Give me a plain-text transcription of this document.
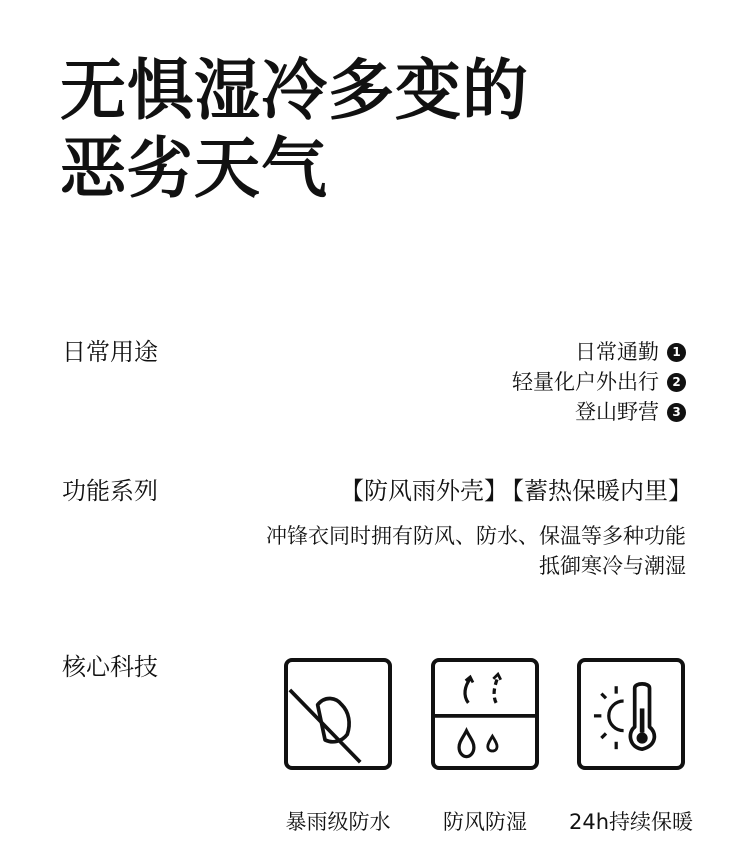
无惧湿冷多变的
恶劣天气
日常用途	日常通勤	1
轻量化户外出行	2
登山野营	3
功能系列	【防风雨外壳】 【蓄热保暖内里】
冲锋衣同时拥有防风、防水、保温等多种功能
抵御寒冷与潮湿
核心科技
暴雨级防水	防风防湿	24h持续保暖
